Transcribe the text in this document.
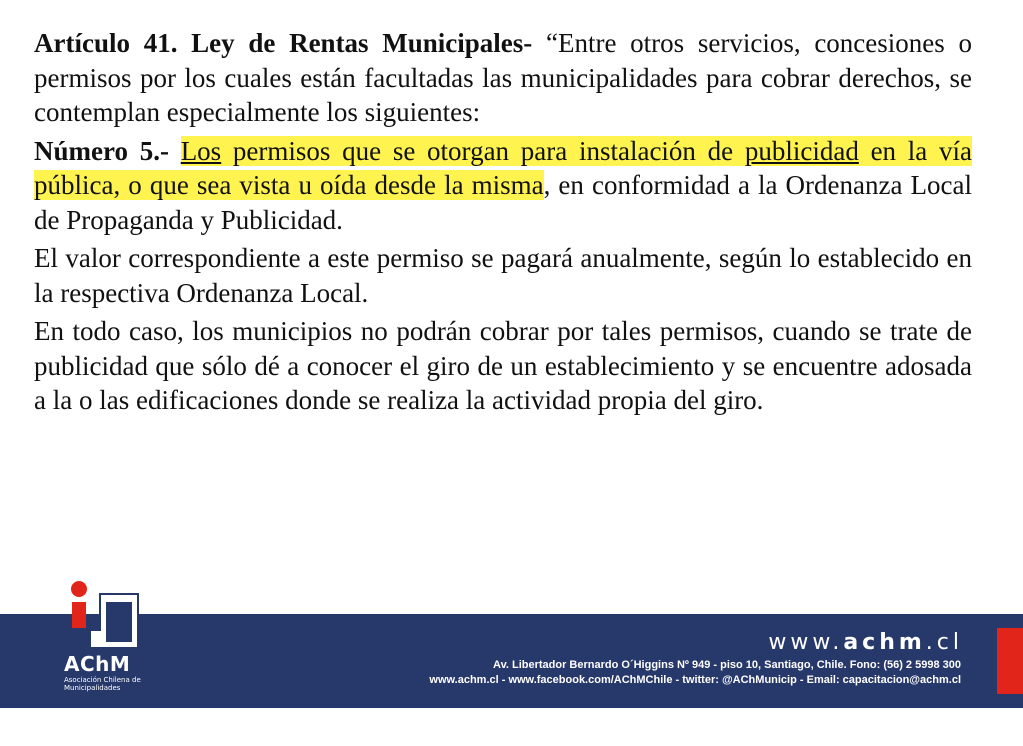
Artículo 41. Ley de Rentas Municipales- “Entre otros servicios, concesiones o permisos por los cuales están facultadas las municipalidades para cobrar derechos, se contemplan especialmente los siguientes:

Número 5.- Los permisos que se otorgan para instalación de publicidad en la vía pública, o que sea vista u oída desde la misma, en conformidad a la Ordenanza Local de Propaganda y Publicidad.

El valor correspondiente a este permiso se pagará anualmente, según lo establecido en la respectiva Ordenanza Local.

En todo caso, los municipios no podrán cobrar por tales permisos, cuando se trate de publicidad que sólo dé a conocer el giro de un establecimiento y se encuentre adosada a la o las edificaciones donde se realiza la actividad propia del giro.

AChM
Asociación Chilena de Municipalidades
www.achm.cl
Av. Libertador Bernardo O´Higgins Nº 949 - piso 10, Santiago, Chile. Fono: (56) 2 5998 300
www.achm.cl - www.facebook.com/AChMChile - twitter: @AChMunicip - Email: capacitacion@achm.cl
